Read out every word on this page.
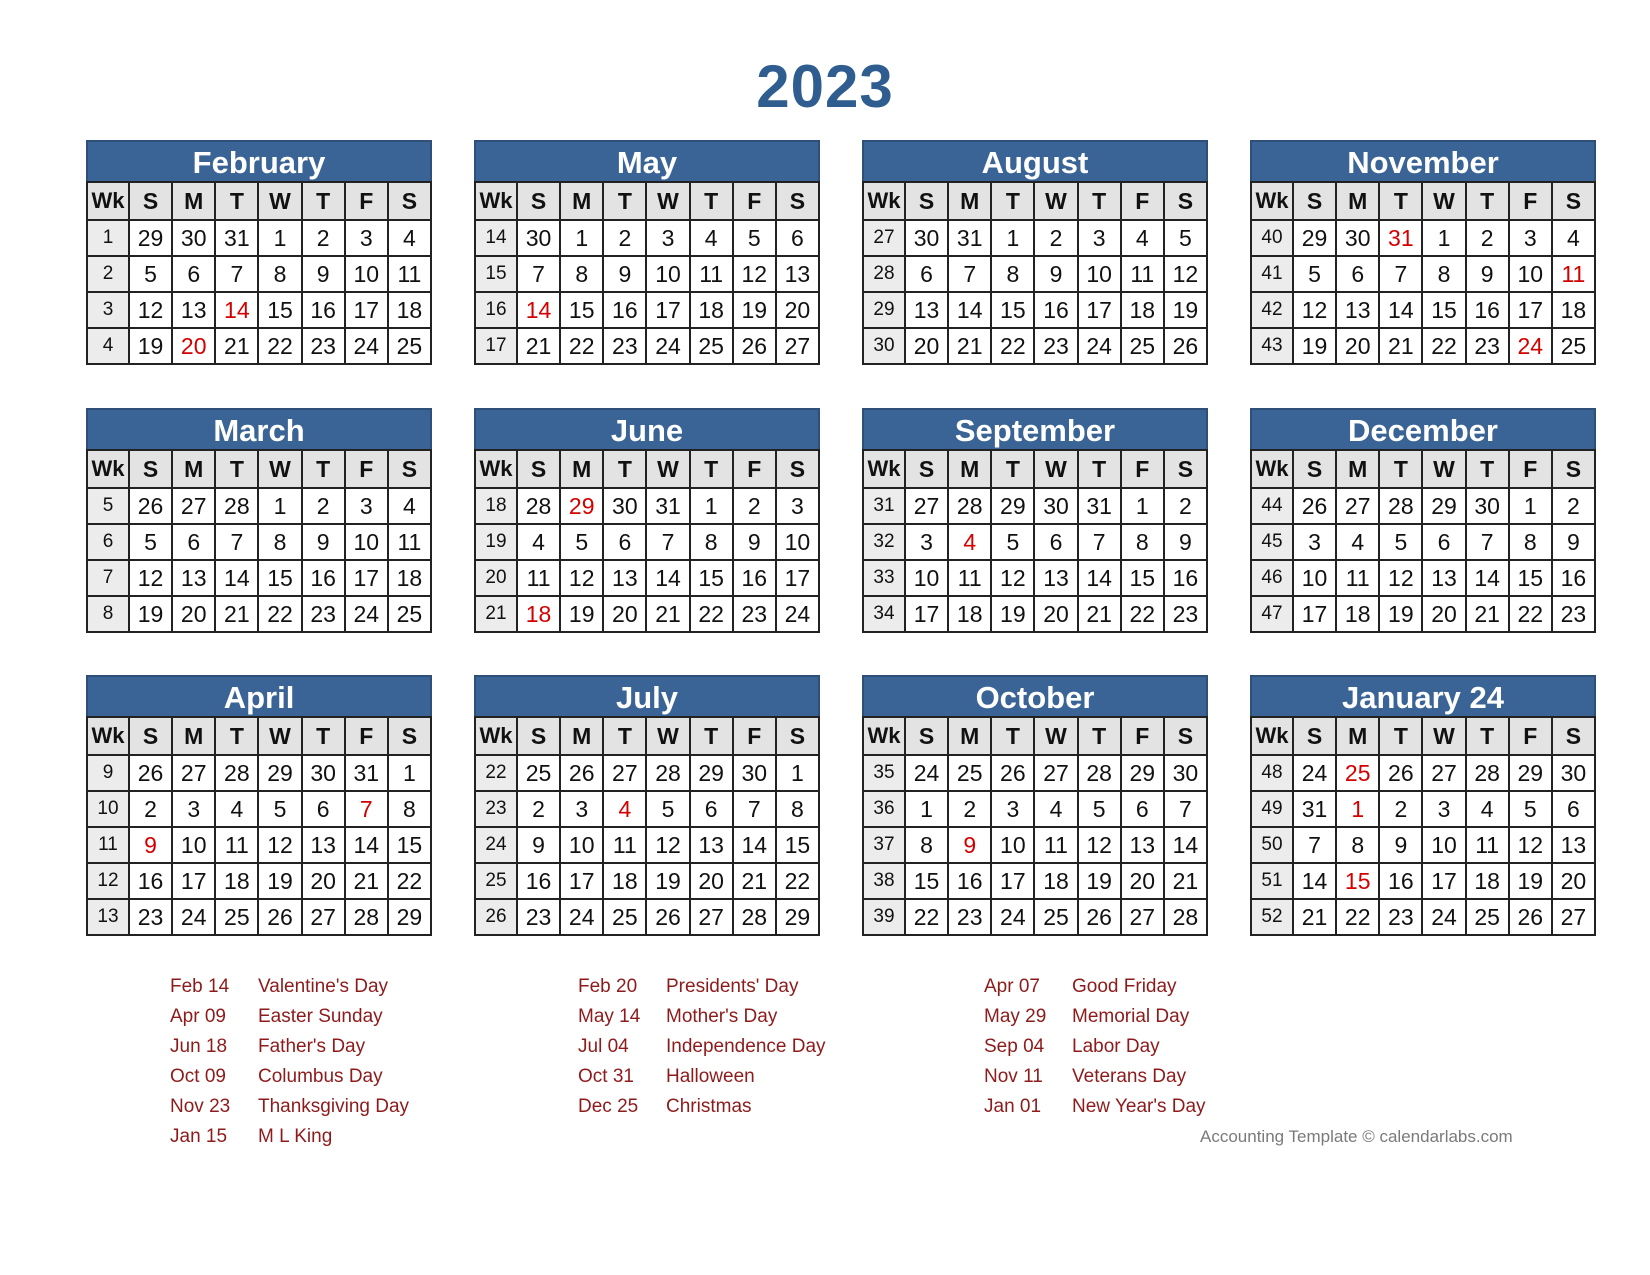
2023
February
Wk	S	M	T	W	T	F	S
1	29	30	31	1	2	3	4
2	5	6	7	8	9	10	11
3	12	13	14	15	16	17	18
4	19	20	21	22	23	24	25
May
Wk	S	M	T	W	T	F	S
14	30	1	2	3	4	5	6
15	7	8	9	10	11	12	13
16	14	15	16	17	18	19	20
17	21	22	23	24	25	26	27
August
Wk	S	M	T	W	T	F	S
27	30	31	1	2	3	4	5
28	6	7	8	9	10	11	12
29	13	14	15	16	17	18	19
30	20	21	22	23	24	25	26
November
Wk	S	M	T	W	T	F	S
40	29	30	31	1	2	3	4
41	5	6	7	8	9	10	11
42	12	13	14	15	16	17	18
43	19	20	21	22	23	24	25
March
Wk	S	M	T	W	T	F	S
5	26	27	28	1	2	3	4
6	5	6	7	8	9	10	11
7	12	13	14	15	16	17	18
8	19	20	21	22	23	24	25
June
Wk	S	M	T	W	T	F	S
18	28	29	30	31	1	2	3
19	4	5	6	7	8	9	10
20	11	12	13	14	15	16	17
21	18	19	20	21	22	23	24
September
Wk	S	M	T	W	T	F	S
31	27	28	29	30	31	1	2
32	3	4	5	6	7	8	9
33	10	11	12	13	14	15	16
34	17	18	19	20	21	22	23
December
Wk	S	M	T	W	T	F	S
44	26	27	28	29	30	1	2
45	3	4	5	6	7	8	9
46	10	11	12	13	14	15	16
47	17	18	19	20	21	22	23
April
Wk	S	M	T	W	T	F	S
9	26	27	28	29	30	31	1
10	2	3	4	5	6	7	8
11	9	10	11	12	13	14	15
12	16	17	18	19	20	21	22
13	23	24	25	26	27	28	29
July
Wk	S	M	T	W	T	F	S
22	25	26	27	28	29	30	1
23	2	3	4	5	6	7	8
24	9	10	11	12	13	14	15
25	16	17	18	19	20	21	22
26	23	24	25	26	27	28	29
October
Wk	S	M	T	W	T	F	S
35	24	25	26	27	28	29	30
36	1	2	3	4	5	6	7
37	8	9	10	11	12	13	14
38	15	16	17	18	19	20	21
39	22	23	24	25	26	27	28
January 24
Wk	S	M	T	W	T	F	S
48	24	25	26	27	28	29	30
49	31	1	2	3	4	5	6
50	7	8	9	10	11	12	13
51	14	15	16	17	18	19	20
52	21	22	23	24	25	26	27
Feb 14 Valentine's Day
Apr 09 Easter Sunday
Jun 18 Father's Day
Oct 09 Columbus Day
Nov 23 Thanksgiving Day
Jan 15 M L King
Feb 20 Presidents' Day
May 14 Mother's Day
Jul 04 Independence Day
Oct 31 Halloween
Dec 25 Christmas
Apr 07 Good Friday
May 29 Memorial Day
Sep 04 Labor Day
Nov 11 Veterans Day
Jan 01 New Year's Day
Accounting Template © calendarlabs.com
